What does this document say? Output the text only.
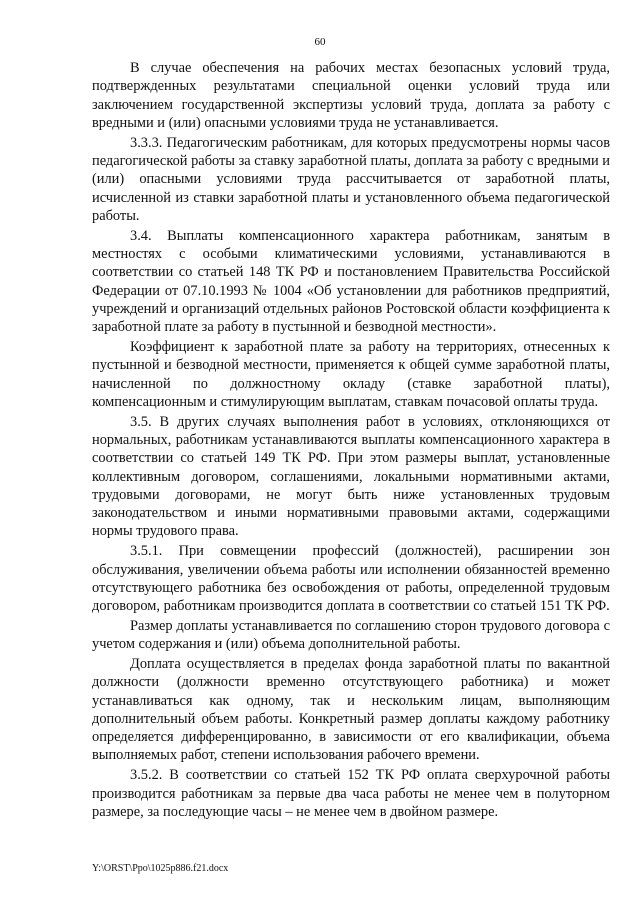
60

В случае обеспечения на рабочих местах безопасных условий труда, подтвержденных результатами специальной оценки условий труда или заключением государственной экспертизы условий труда, доплата за работу с вредными и (или) опасными условиями труда не устанавливается.

3.3.3. Педагогическим работникам, для которых предусмотрены нормы часов педагогической работы за ставку заработной платы, доплата за работу с вредными и (или) опасными условиями труда рассчитывается от заработной платы, исчисленной из ставки заработной платы и установленного объема педагогической работы.

3.4. Выплаты компенсационного характера работникам, занятым в местностях с особыми климатическими условиями, устанавливаются в соответствии со статьей 148 ТК РФ и постановлением Правительства Российской Федерации от 07.10.1993 № 1004 «Об установлении для работников предприятий, учреждений и организаций отдельных районов Ростовской области коэффициента к заработной плате за работу в пустынной и безводной местности».

Коэффициент к заработной плате за работу на территориях, отнесенных к пустынной и безводной местности, применяется к общей сумме заработной платы, начисленной по должностному окладу (ставке заработной платы), компенсационным и стимулирующим выплатам, ставкам почасовой оплаты труда.

3.5. В других случаях выполнения работ в условиях, отклоняющихся от нормальных, работникам устанавливаются выплаты компенсационного характера в соответствии со статьей 149 ТК РФ. При этом размеры выплат, установленные коллективным договором, соглашениями, локальными нормативными актами, трудовыми договорами, не могут быть ниже установленных трудовым законодательством и иными нормативными правовыми актами, содержащими нормы трудового права.

3.5.1. При совмещении профессий (должностей), расширении зон обслуживания, увеличении объема работы или исполнении обязанностей временно отсутствующего работника без освобождения от работы, определенной трудовым договором, работникам производится доплата в соответствии со статьей 151 ТК РФ.

Размер доплаты устанавливается по соглашению сторон трудового договора с учетом содержания и (или) объема дополнительной работы.

Доплата осуществляется в пределах фонда заработной платы по вакантной должности (должности временно отсутствующего работника) и может устанавливаться как одному, так и нескольким лицам, выполняющим дополнительный объем работы. Конкретный размер доплаты каждому работнику определяется дифференцированно, в зависимости от его квалификации, объема выполняемых работ, степени использования рабочего времени.

3.5.2. В соответствии со статьей 152 ТК РФ оплата сверхурочной работы производится работникам за первые два часа работы не менее чем в полуторном размере, за последующие часы – не менее чем в двойном размере.

Y:\ORST\Ppo\1025p886.f21.docx
